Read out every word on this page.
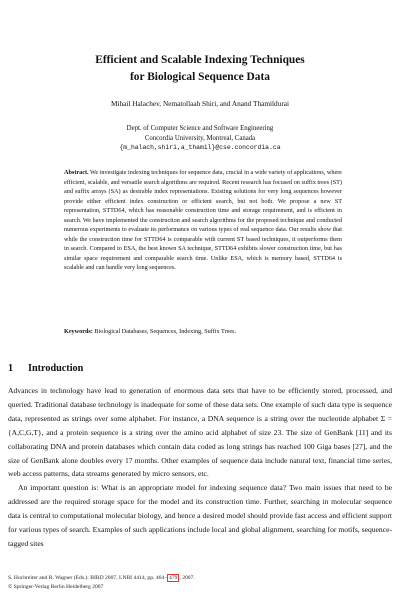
Efficient and Scalable Indexing Techniques
for Biological Sequence Data
Mihail Halachev, Nematollaah Shiri, and Anand Thamildurai
Dept. of Computer Science and Software Engineering
Concordia University, Montreal, Canada
{m_halach,shiri,a_thamil}@cse.concordia.ca

Abstract. We investigate indexing techniques for sequence data, crucial in a wide variety of applications, where efficient, scalable, and versatile search algorithms are required. Recent research has focused on suffix trees (ST) and suffix arrays (SA) as desirable index representations. Existing solutions for very long sequences however provide either efficient index construction or efficient search, but not both. We propose a new ST representation, STTD64, which has reasonable construction time and storage requirement, and is efficient in search. We have implemented the construction and search algorithms for the proposed technique and conducted numerous experiments to evaluate its performance on various types of real sequence data. Our results show that while the construction time for STTD64 is comparable with current ST based techniques, it outperforms them in search. Compared to ESA, the best known SA technique, STTD64 exhibits slower construction time, but has similar space requirement and comparable search time. Unlike ESA, which is memory based, STTD64 is scalable and can handle very long sequences.

Keywords: Biological Databases, Sequences, Indexing, Suffix Trees.

1 Introduction

Advances in technology have lead to generation of enormous data sets that have to be efficiently stored, processed, and queried. Traditional database technology is inadequate for some of these data sets. One example of such data type is sequence data, represented as strings over some alphabet. For instance, a DNA sequence is a string over the nucleotide alphabet Σ = {A,C,G,T}, and a protein sequence is a string over the amino acid alphabet of size 23. The size of GenBank [11] and its collaborating DNA and protein databases which contain data coded as long strings has reached 100 Giga bases [27], and the size of GenBank alone doubles every 17 months. Other examples of sequence data include natural text, financial time series, web access patterns, data streams generated by micro sensors, etc.

An important question is: What is an appropriate model for indexing sequence data? Two main issues that need to be addressed are the required storage space for the model and its construction time. Further, searching in molecular sequence data is central to computational molecular biology, and hence a desired model should provide fast access and efficient support for various types of search. Examples of such applications include local and global alignment, searching for motifs, sequence-tagged sites

S. Hochreiter and R. Wagner (Eds.): BIRD 2007, LNBI 4414, pp. 464– 479 , 2007.
© Springer-Verlag Berlin Heidelberg 2007
